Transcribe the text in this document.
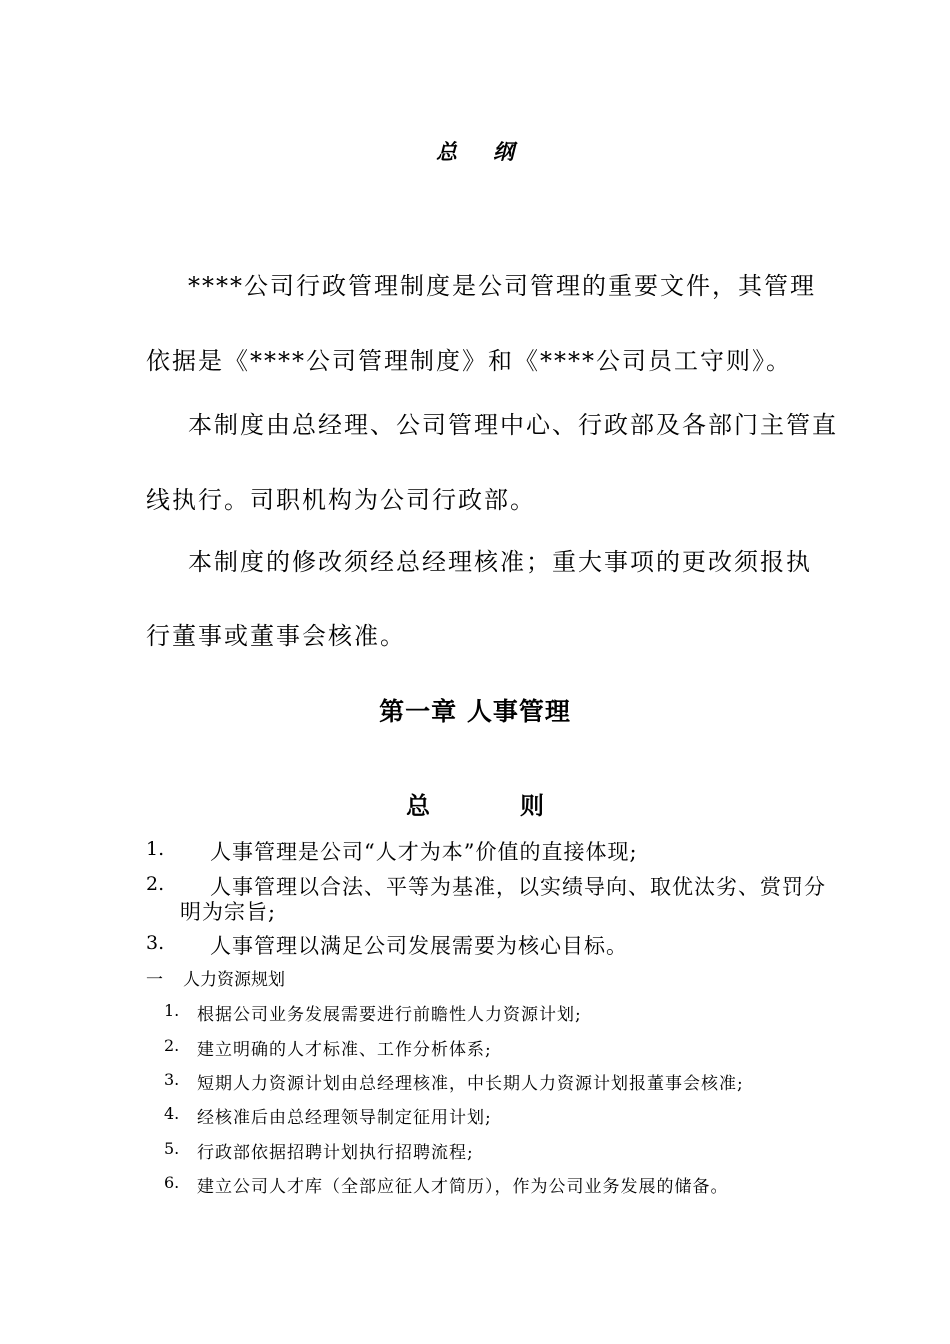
总纲
****公司行政管理制度是公司管理的重要文件，其管理
依据是《****公司管理制度》和《****公司员工守则》。
本制度由总经理、公司管理中心、行政部及各部门主管直
线执行。司职机构为公司行政部。
本制度的修改须经总经理核准；重大事项的更改须报执
行董事或董事会核准。
第一章 人事管理
总则
1. 人事管理是公司“人才为本”价值的直接体现;
2. 人事管理以合法、平等为基准，以实绩导向、取优汰劣、赏罚分
明为宗旨;
3. 人事管理以满足公司发展需要为核心目标。
一 人力资源规划
1. 根据公司业务发展需要进行前瞻性人力资源计划;
2. 建立明确的人才标准、工作分析体系;
3. 短期人力资源计划由总经理核准，中长期人力资源计划报董事会核准;
4. 经核准后由总经理领导制定征用计划;
5. 行政部依据招聘计划执行招聘流程;
6. 建立公司人才库（全部应征人才简历），作为公司业务发展的储备。
